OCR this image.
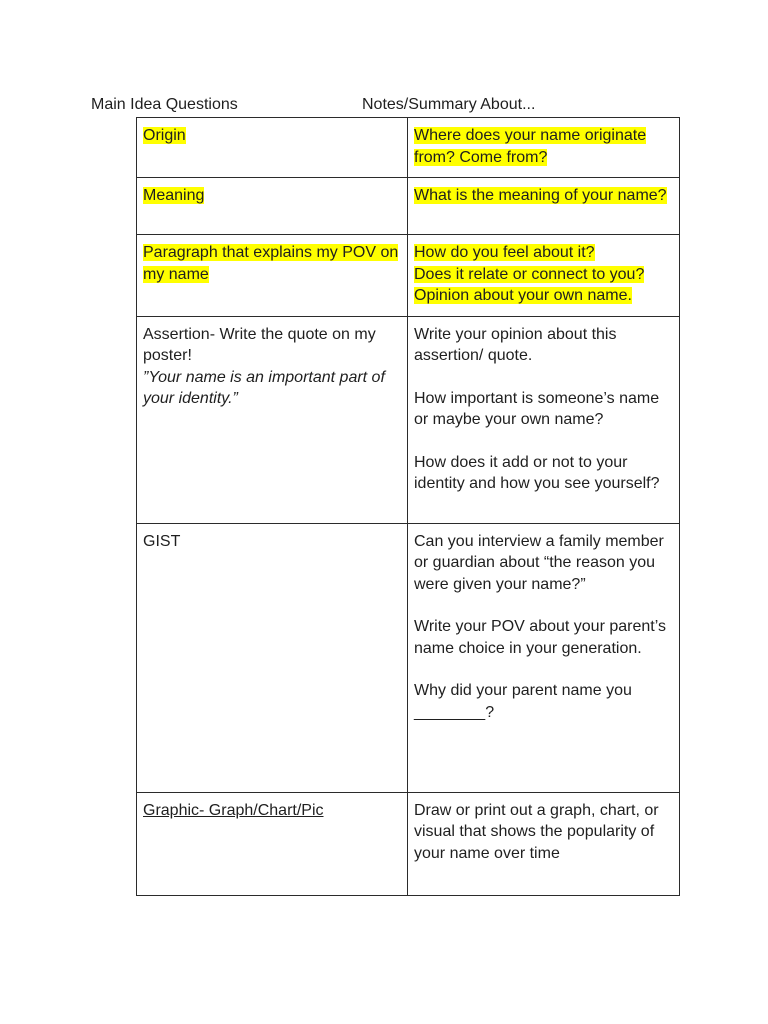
Main Idea Questions	Notes/Summary About...
Origin	Where does your name originate from? Come from?
Meaning	What is the meaning of your name?
Paragraph that explains my POV on my name	How do you feel about it?
Does it relate or connect to you?
Opinion about your own name.

Assertion- Write the quote on my poster!
”Your name is an important part of your identity.”	Write your opinion about this assertion/ quote.
How important is someone’s name or maybe your own name?
How does it add or not to your identity and how you see yourself?

GIST	Can you interview a family member or guardian about “the reason you were given your name?”
Write your POV about your parent’s name choice in your generation.
Why did your parent name you ________?

Graphic- Graph/Chart/Pic	Draw or print out a graph, chart, or visual that shows the popularity of your name over time
